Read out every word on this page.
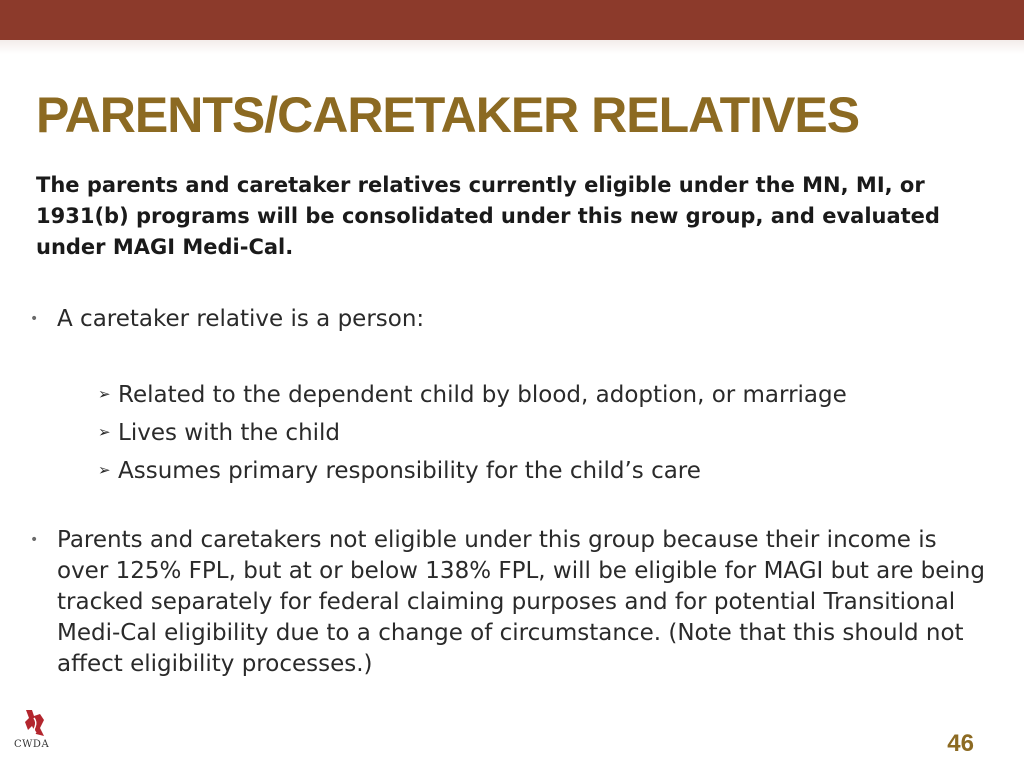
PARENTS/CARETAKER RELATIVES
The parents and caretaker relatives currently eligible under the MN, MI, or 1931(b) programs will be consolidated under this new group, and evaluated under MAGI Medi-Cal.
• A caretaker relative is a person:
➢ Related to the dependent child by blood, adoption, or marriage
➢ Lives with the child
➢ Assumes primary responsibility for the child’s care
• Parents and caretakers not eligible under this group because their income is over 125% FPL, but at or below 138% FPL, will be eligible for MAGI but are being tracked separately for federal claiming purposes and for potential Transitional Medi-Cal eligibility due to a change of circumstance. (Note that this should not affect eligibility processes.)
CWDA	46
